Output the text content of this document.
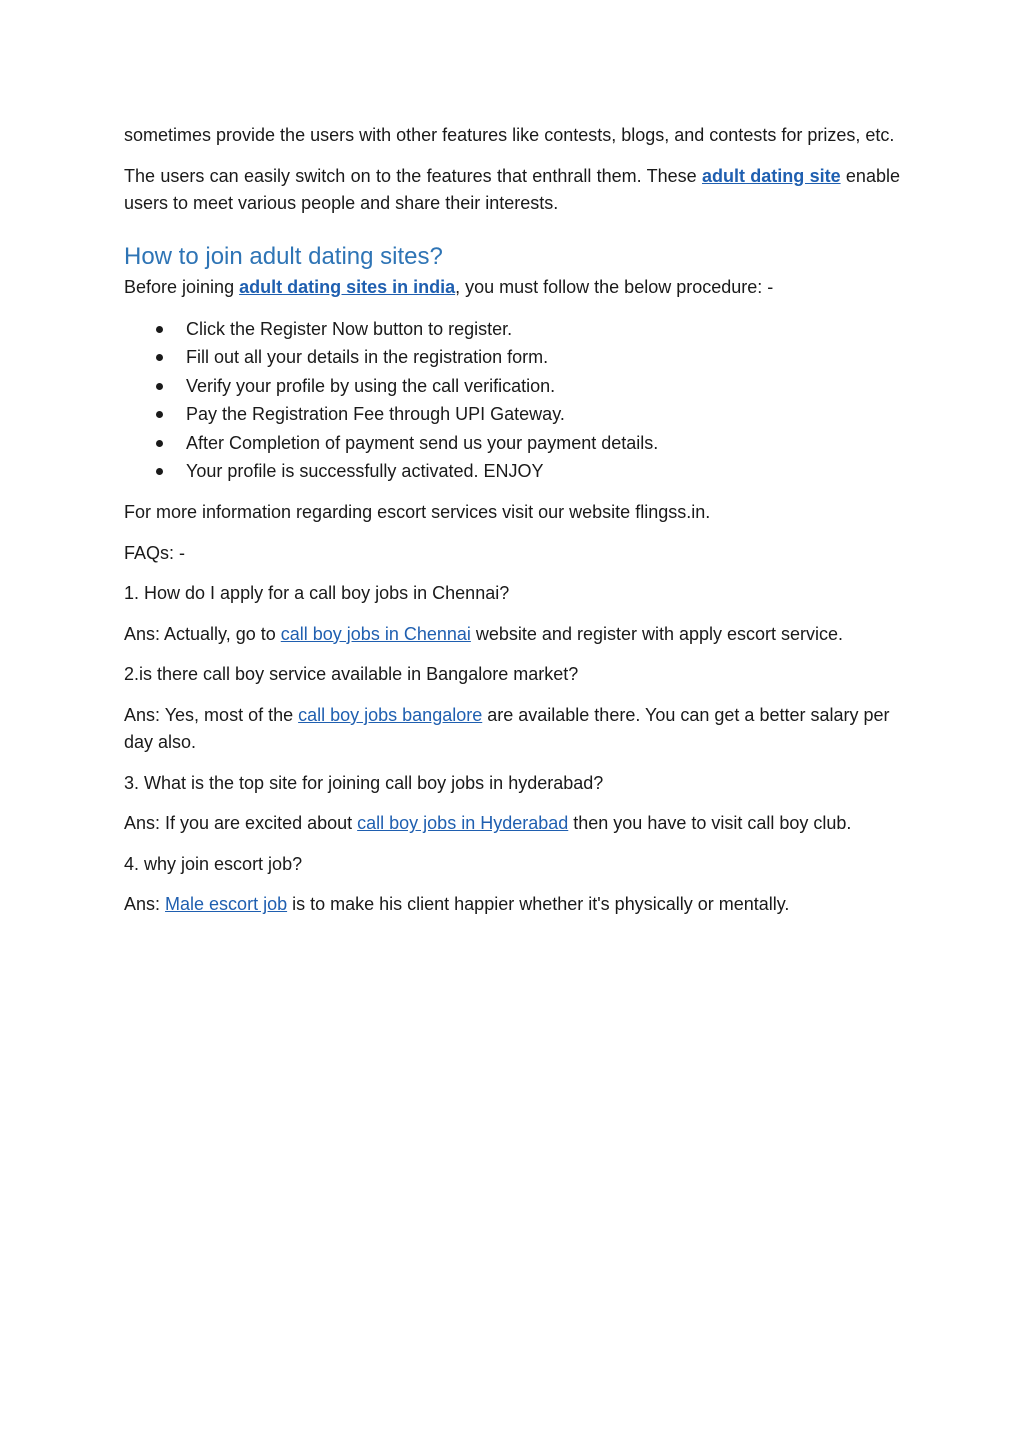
sometimes provide the users with other features like contests, blogs, and contests for prizes, etc.

The users can easily switch on to the features that enthrall them. These adult dating site enable users to meet various people and share their interests.

How to join adult dating sites?

Before joining adult dating sites in india, you must follow the below procedure: -

Click the Register Now button to register.
Fill out all your details in the registration form.
Verify your profile by using the call verification.
Pay the Registration Fee through UPI Gateway.
After Completion of payment send us your payment details.
Your profile is successfully activated. ENJOY

For more information regarding escort services visit our website flingss.in.

FAQs: -

1. How do I apply for a call boy jobs in Chennai?

Ans: Actually, go to call boy jobs in Chennai website and register with apply escort service.

2.is there call boy service available in Bangalore market?

Ans: Yes, most of the call boy jobs bangalore are available there. You can get a better salary per day also.

3. What is the top site for joining call boy jobs in hyderabad?

Ans: If you are excited about call boy jobs in Hyderabad then you have to visit call boy club.

4. why join escort job?

Ans: Male escort job is to make his client happier whether it's physically or mentally.
